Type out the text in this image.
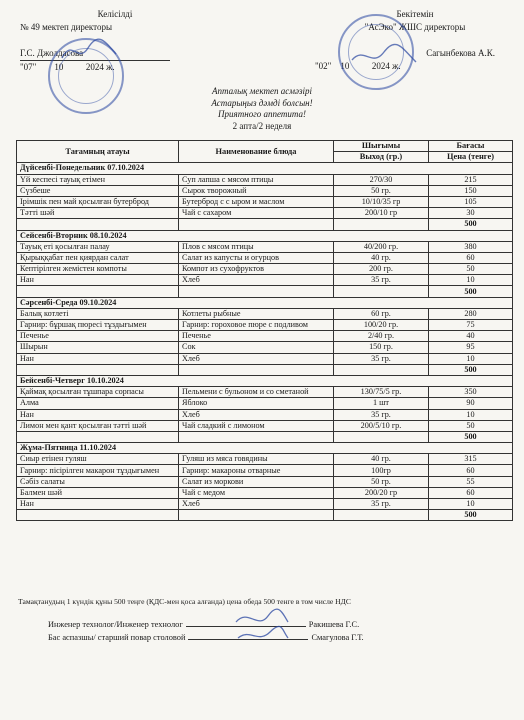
Келісілді
№ 49 мектеп директоры
Г.С. Джолдасова
"07"        10          2024 ж.
Бекітемін
"АсЭко" ЖШС директоры
Сагынбекова А.К.
"02"    10          2024 ж.
Апталық мектеп асмәзірі
Астарыңыз дәмді болсын!
Приятного аппетита!
2 апта/2 неделя
Тағамның атауы	Наименование блюда	Шығымы	Бағасы
		Выход (гр.)	Цена (тенге)
Дүйсенбі-Понедельник 07.10.2024			
Үй кеспесі тауық етімен	Суп лапша с мясом птицы	270/30	215
Сүзбеше	Сырок творожный	50 гр.	150
Ірімшік пен май қосылған бутерброд	Бутерброд с с ыром и маслом	10/10/35 гр	105
Тәтті шәй	Чай с сахаром	200/10 гр	30
			500
Сейсенбі-Вторник 08.10.2024			
Тауық еті қосылған палау	Плов с мясом птицы	40/200 гр.	380
Қырыққабат пен қиярдан салат	Салат из капусты и огурцов	40 гр.	60
Кептірілген жемістен компоты	Компот из сухофруктов	200 гр.	50
Нан	Хлеб	35 гр.	10
			500
Сәрсенбі-Среда 09.10.2024			
Балық котлеті	Котлеты рыбные	60 гр.	280
Гарнир: бұршақ пюресі тұздығымен	Гарнир: гороховое пюре с подливом	100/20 гр.	75
Печенье	Печенье	2/40 гр.	40
Шырын	Сок	150 гр.	95
Нан	Хлеб	35 гр.	10
			500
Бейсенбі-Четверг 10.10.2024			
Қаймақ қосылған тұшпара сорпасы	Пельмени с бульоном и со сметаной	130/75/5 гр.	350
Алма	Яблоко	1 шт	90
Нан	Хлеб	35 гр.	10
Лимон мен қант қосылған тәтті шәй	Чай сладкий с лимоном	200/5/10 гр.	50
			500
Жұма-Пятница 11.10.2024			
Сиыр етінен гуляш	Гуляш из мяса говядины	40 гр.	315
Гарнир: пісірілген макарон тұздығымен	Гарнир: макароны отварные	100гр	60
Сәбіз салаты	Салат из моркови	50 гр.	55
Балмен шәй	Чай с медом	200/20 гр	60
Нан	Хлеб	35 гр.	10
			500
Тамақтанудың 1 күндік құны 500 теңге (ҚДС-мен қоса алғанда) цена обеда 500 тенге в том числе НДС
Инженер технолог/Инженер технолог	Ракишева Г.С.
Бас аспазшы/ старший повар столовой	Смагулова Г.Т.
